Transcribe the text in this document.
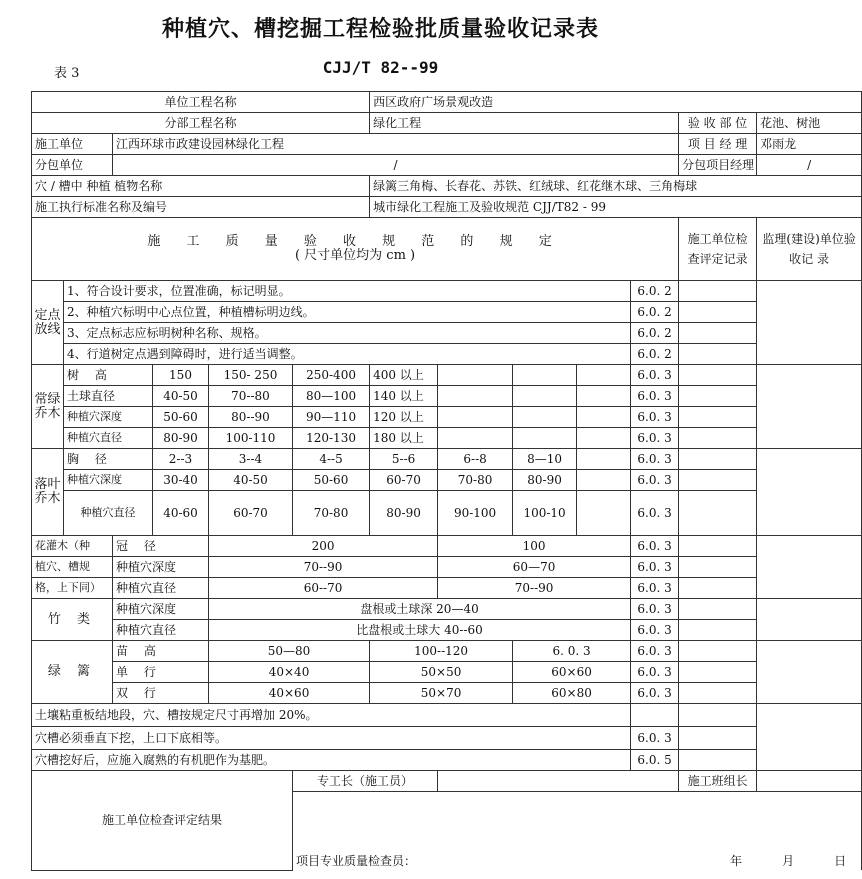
种植穴、槽挖掘工程检验批质量验收记录表
表 3	CJJ/T 82--99
单位工程名称						西区政府广场景观改造						
分部工程名称						绿化工程					验 收 部 位	花池、树池
施工单位		江西环球市政建设园林绿化工程									项 目 经 理	邓雨龙
分包单位		/									分包项目经理	/
穴 / 槽中 种植 植物名称						绿篱三角梅、长春花、苏铁、红绒球、红花继木球、三角梅球						
施工执行标准名称及编号						城市绿化工程施工及验收规范 CJJ/T82 - 99						

施 工 质 量 验 收 规 范 的 规 定
( 尺寸单位均为 cm )											施工单位检查评定记录	监理(建设)单位验收记 录
定点放线	1、符合设计要求，位置准确，标记明显。									6.0. 2		
	2、种植穴标明中心点位置，种植槽标明边线。									6.0. 2		
	3、定点标志应标明树种名称、规格。									6.0. 2		
	4、行道树定点遇到障碍时，进行适当调整。									6.0. 2		
常绿乔木	树 高		150	150- 250	250-400	400 以上				6.0. 3		
	土球直径		40-50	70--80	80—100	140 以上				6.0. 3		
	种植穴深度		50-60	80--90	90—110	120 以上				6.0. 3		
	种植穴直径		80-90	100-110	120-130	180 以上				6.0. 3		
落叶乔木	胸 径		2--3	3--4	4--5	5--6	6--8	8—10		6.0. 3		
	种植穴深度		30-40	40-50	50-60	60-70	70-80	80-90		6.0. 3		
	种植穴直径		40-60	60-70	70-80	80-90	90-100	100-10		6.0. 3		
花灌木（种		冠 径		200			100			6.0. 3		
植穴、槽规		种植穴深度		70--90			60—70			6.0. 3		
格，上下同）		种植穴直径		60--70			70--90			6.0. 3		
竹 类		种植穴深度		盘根或土球深 20—40						6.0. 3		
		种植穴直径		比盘根或土球大 40--60						6.0. 3		
绿 篱		苗 高		50—80		100--120		6. 0. 3		6.0. 3		
		单 行		40×40		50×50		60×60		6.0. 3		
		双 行		40×60		50×70		60×80		6.0. 3		
土壤粘重板结地段，穴、槽按规定尺寸再增加 20%。												
穴槽必须垂直下挖，上口下底相等。										6.0. 3		
穴槽挖好后，应施入腐熟的有机肥作为基肥。										6.0. 5		
施工单位检查评定结果					专工长（施工员）						施工班组长	

					项目专业质量检查员： 年 月 日							
